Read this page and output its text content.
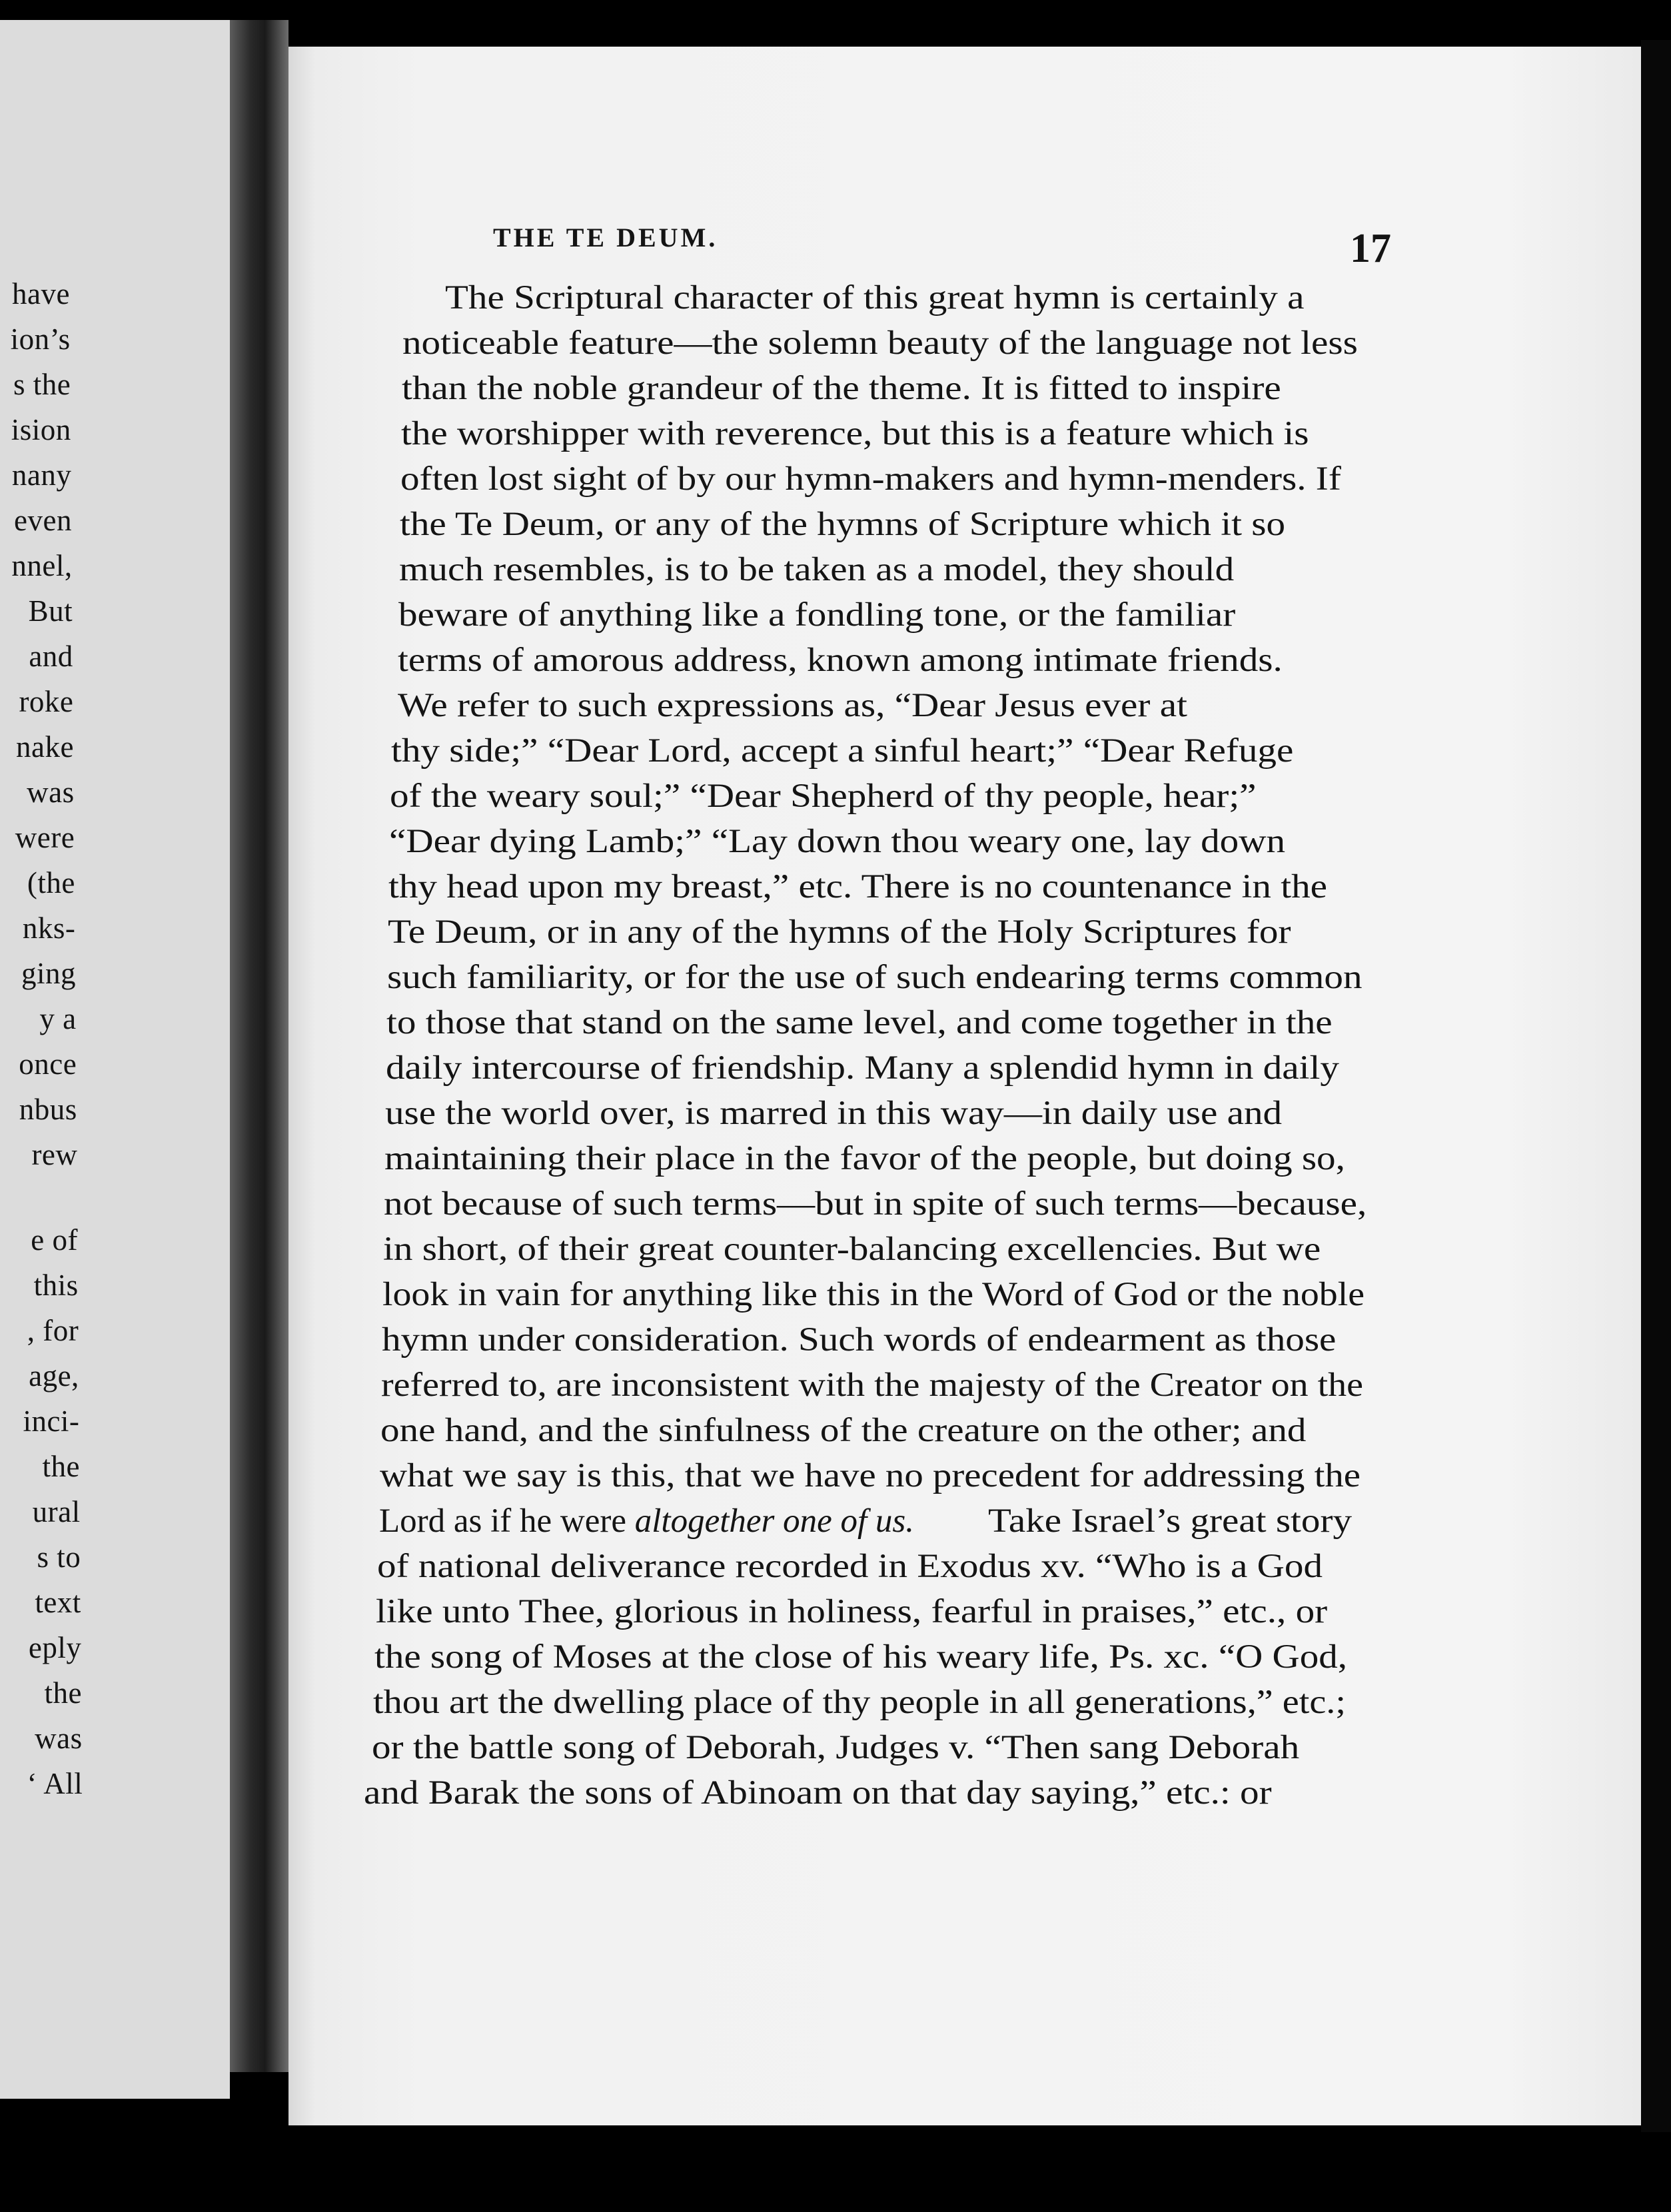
have
ion’s
s the
ision
nany
even
nnel,
But
and
roke
nake
was
were
(the
nks-
ging
y a
once
nbus
rew
e of
this
, for
age,
inci-
the
ural
s to
text
eply
the
was
‘ All
THE TE DEUM.	17
The Scriptural character of this great hymn is certainly a
noticeable feature—the solemn beauty of the language not less
than the noble grandeur of the theme. It is fitted to inspire
the worshipper with reverence, but this is a feature which is
often lost sight of by our hymn-makers and hymn-menders. If
the Te Deum, or any of the hymns of Scripture which it so
much resembles, is to be taken as a model, they should
beware of anything like a fondling tone, or the familiar
terms of amorous address, known among intimate friends.
We refer to such expressions as, “Dear Jesus ever at
thy side;” “Dear Lord, accept a sinful heart;” “Dear Refuge
of the weary soul;” “Dear Shepherd of thy people, hear;”
“Dear dying Lamb;” “Lay down thou weary one, lay down
thy head upon my breast,” etc. There is no countenance in the
Te Deum, or in any of the hymns of the Holy Scriptures for
such familiarity, or for the use of such endearing terms common
to those that stand on the same level, and come together in the
daily intercourse of friendship. Many a splendid hymn in daily
use the world over, is marred in this way—in daily use and
maintaining their place in the favor of the people, but doing so,
not because of such terms—but in spite of such terms—because,
in short, of their great counter-balancing excellencies. But we
look in vain for anything like this in the Word of God or the noble
hymn under consideration. Such words of endearment as those
referred to, are inconsistent with the majesty of the Creator on the
one hand, and the sinfulness of the creature on the other; and
what we say is this, that we have no precedent for addressing the
Lord as if he were altogether one of us. Take Israel’s great story
of national deliverance recorded in Exodus xv. “Who is a God
like unto Thee, glorious in holiness, fearful in praises,” etc., or
the song of Moses at the close of his weary life, Ps. xc. “O God,
thou art the dwelling place of thy people in all generations,” etc.;
or the battle song of Deborah, Judges v. “Then sang Deborah
and Barak the sons of Abinoam on that day saying,” etc.: or
